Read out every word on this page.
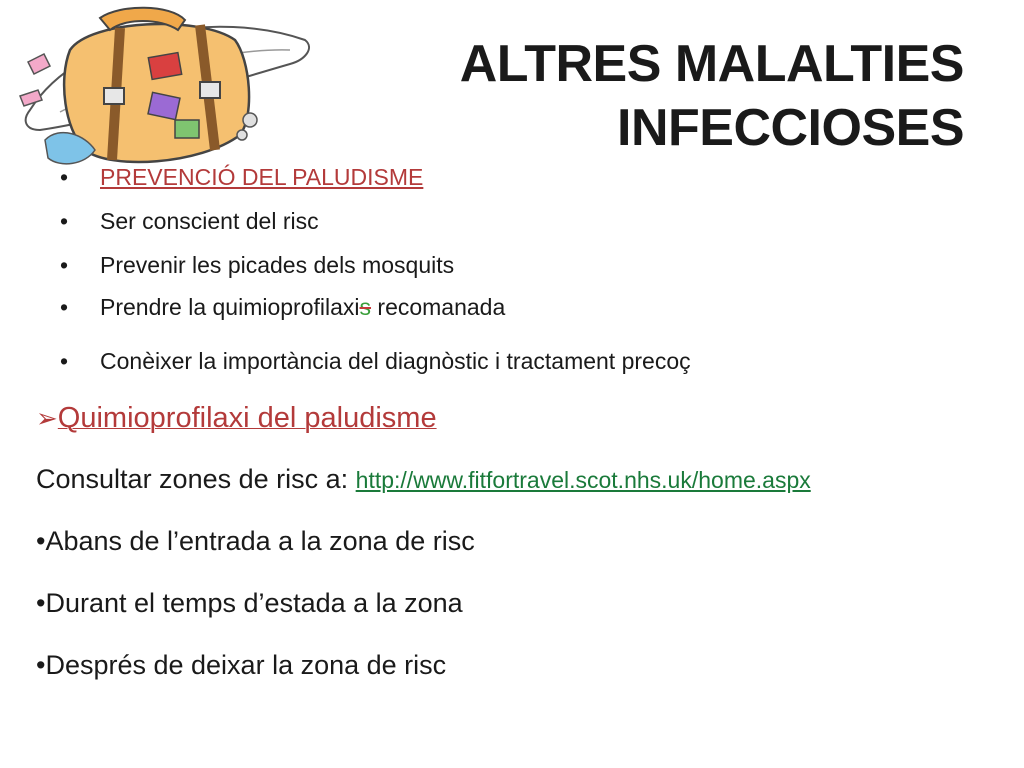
ALTRES MALALTIES
INFECCIOSES
• PREVENCIÓ DEL PALUDISME
• Ser conscient del risc
• Prevenir les picades dels mosquits
• Prendre la quimioprofilaxis recomanada
• Conèixer la importància del diagnòstic i tractament precoç
➢Quimioprofilaxi del paludisme
Consultar zones de risc a: http://www.fitfortravel.scot.nhs.uk/home.aspx
•Abans de l’entrada a la zona de risc
•Durant el temps d’estada a la zona
•Després de deixar la zona de risc
